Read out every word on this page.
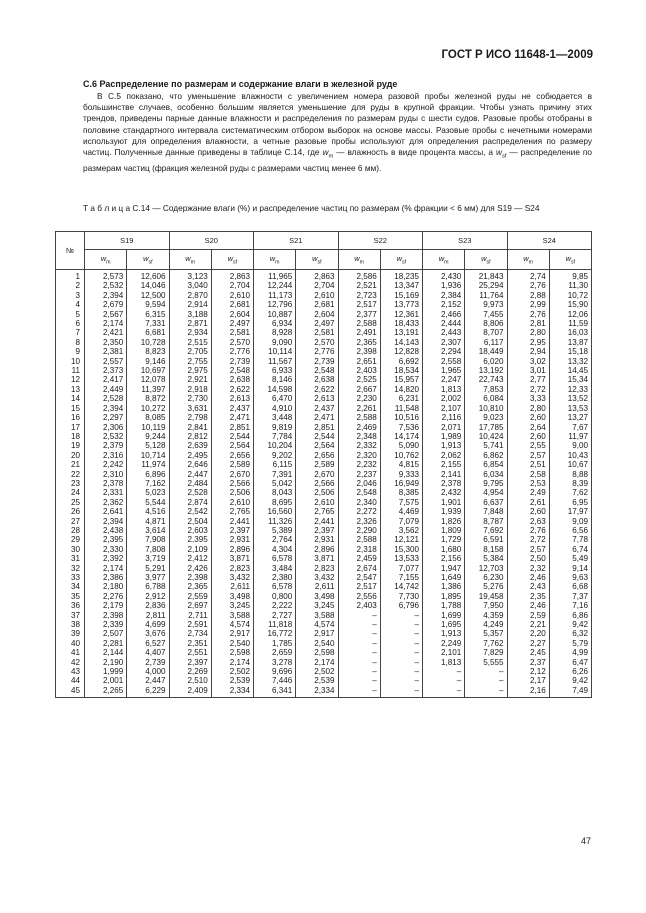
ГОСТ Р ИСО 11648-1—2009
С.6 Распределение по размерам и содержание влаги в железной руде
В С.5 показано, что уменьшение влажности с увеличением номера разовой пробы железной руды не собюдается в большинстве случаев, особенно большим является уменьшение для руды в крупной фракции. Чтобы узнать причину этих трендов, приведены парные данные влажности и распределения по размерам руды с шести судов. Разовые пробы отобраны в половине стандартного интервала систематическим отбором выборок на основе массы. Разовые пробы с нечетными номерами используют для определения влажности, а четные разовые пробы используют для определения распределения по размеру частиц. Полученные данные приведены в таблице С.14, где $w_m$ — влажность в виде процента массы, а $w_{sf}$ — распределение по размерам частиц (фракция железной руды с размерами частиц менее 6 мм).
Т а б л и ц а С.14 — Содержание влаги (%) и распределение частиц по размерам (% фракции < 6 мм) для S19 — S24
№	S19		S20		S21		S22		S23		S24	
	$w_m$	$w_{sf}$	$w_m$	$w_{sf}$	$w_m$	$w_{sf}$	$w_m$	$w_{sf}$	$w_m$	$w_{sf}$	$w_m$	$w_{sf}$
1	2,573	12,606	3,123	2,863	11,965	2,863	2,586	18,235	2,430	21,843	2,74	9,85
2	2,532	14,046	3,040	2,704	12,244	2,704	2,521	13,347	1,936	25,294	2,76	11,30
3	2,394	12,500	2,870	2,610	11,173	2,610	2,723	15,169	2,384	11,764	2,88	10,72
4	2,679	9,594	2,914	2,681	12,796	2,681	2,517	13,773	2,152	9,973	2,99	15,90
5	2,567	6,315	3,188	2,604	10,887	2,604	2,377	12,361	2,466	7,455	2,76	12,06
6	2,174	7,331	2,871	2,497	6,934	2,497	2,588	18,433	2,444	8,806	2,81	11,59
7	2,421	6,681	2,934	2,581	8,928	2,581	2,491	13,191	2,443	8,707	2,80	16,03
8	2,350	10,728	2,515	2,570	9,090	2,570	2,365	14,143	2,307	6,117	2,95	13,87
9	2,381	8,823	2,705	2,776	10,114	2,776	2,398	12,828	2,294	18,449	2,94	15,18
10	2,557	9,146	2,755	2,739	11,567	2,739	2,651	6,692	2,558	6,020	3,02	13,32
11	2,373	10,697	2,975	2,548	6,933	2,548	2,403	18,534	1,965	13,192	3,01	14,45
12	2,417	12,078	2,921	2,638	8,146	2,638	2,525	15,957	2,247	22,743	2,77	15,34
13	2,449	11,397	2,918	2,622	14,598	2,622	2,667	14,820	1,813	7,853	2,72	12,33
14	2,528	8,872	2,730	2,613	6,470	2,613	2,230	6,231	2,002	6,084	3,33	13,52
15	2,394	10,272	3,631	2,437	4,910	2,437	2,261	11,548	2,107	10,810	2,80	13,53
16	2,297	8,085	2,798	2,471	3,448	2,471	2,588	10,516	2,116	9,023	2,60	13,27
17	2,306	10,119	2,841	2,851	9,819	2,851	2,469	7,536	2,071	17,785	2,64	7,67
18	2,532	9,244	2,812	2,544	7,784	2,544	2,348	14,174	1,989	10,424	2,60	11,97
19	2,379	5,128	2,639	2,564	10,204	2,564	2,332	5,090	1,913	5,741	2,55	9,00
20	2,316	10,714	2,495	2,656	9,202	2,656	2,320	10,762	2,062	6,862	2,57	10,43
21	2,242	11,974	2,646	2,589	6,115	2,589	2,232	4,815	2,155	6,854	2,51	10,67
22	2,310	6,896	2,447	2,670	7,391	2,670	2,237	9,333	2,141	6,034	2,58	8,88
23	2,378	7,162	2,484	2,566	5,042	2,566	2,046	16,949	2,378	9,795	2,53	8,39
24	2,331	5,023	2,528	2,506	8,043	2,506	2,548	8,385	2,432	4,954	2,49	7,62
25	2,362	5,544	2,874	2,610	8,695	2,610	2,340	7,575	1,901	6,637	2,61	6,95
26	2,641	4,516	2,542	2,765	16,560	2,765	2,272	4,469	1,939	7,848	2,60	17,97
27	2,394	4,871	2,504	2,441	11,326	2,441	2,326	7,079	1,826	8,787	2,63	9,09
28	2,438	3,614	2,603	2,397	5,389	2,397	2,290	3,562	1,809	7,692	2,76	6,56
29	2,395	7,908	2,395	2,931	2,764	2,931	2,588	12,121	1,729	6,591	2,72	7,78
30	2,330	7,808	2,109	2,896	4,304	2,896	2,318	15,300	1,680	8,158	2,57	6,74
31	2,392	3,719	2,412	3,871	6,578	3,871	2,459	13,533	2,156	5,384	2,50	5,49
32	2,174	5,291	2,426	2,823	3,484	2,823	2,674	7,077	1,947	12,703	2,32	9,14
33	2,386	3,977	2,398	3,432	2,380	3,432	2,547	7,155	1,649	6,230	2,46	9,63
34	2,180	6,788	2,365	2,611	6,578	2,611	2,517	14,742	1,386	5,276	2,43	6,68
35	2,276	2,912	2,559	3,498	0,800	3,498	2,556	7,730	1,895	19,458	2,35	7,37
36	2,179	2,836	2,697	3,245	2,222	3,245	2,403	6,796	1,788	7,950	2,46	7,16
37	2,398	2,811	2,711	3,588	2,727	3,588	–	–	1,699	4,359	2,59	6,86
38	2,339	4,699	2,591	4,574	11,818	4,574	–	–	1,695	4,249	2,21	9,42
39	2,507	3,676	2,734	2,917	16,772	2,917	–	–	1,913	5,357	2,20	6,32
40	2,281	6,527	2,351	2,540	1,785	2,540	–	–	2,249	7,762	2,27	5,79
41	2,144	4,407	2,551	2,598	2,659	2,598	–	–	2,101	7,829	2,45	4,99
42	2,190	2,739	2,397	2,174	3,278	2,174	–	–	1,813	5,555	2,37	6,47
43	1,999	4,000	2,269	2,502	9,696	2,502	–	–	–	–	2,12	6,26
44	2,001	2,447	2,510	2,539	7,446	2,539	–	–	–	–	2,17	9,42
45	2,265	6,229	2,409	2,334	6,341	2,334	–	–	–	–	2,16	7,49
47
